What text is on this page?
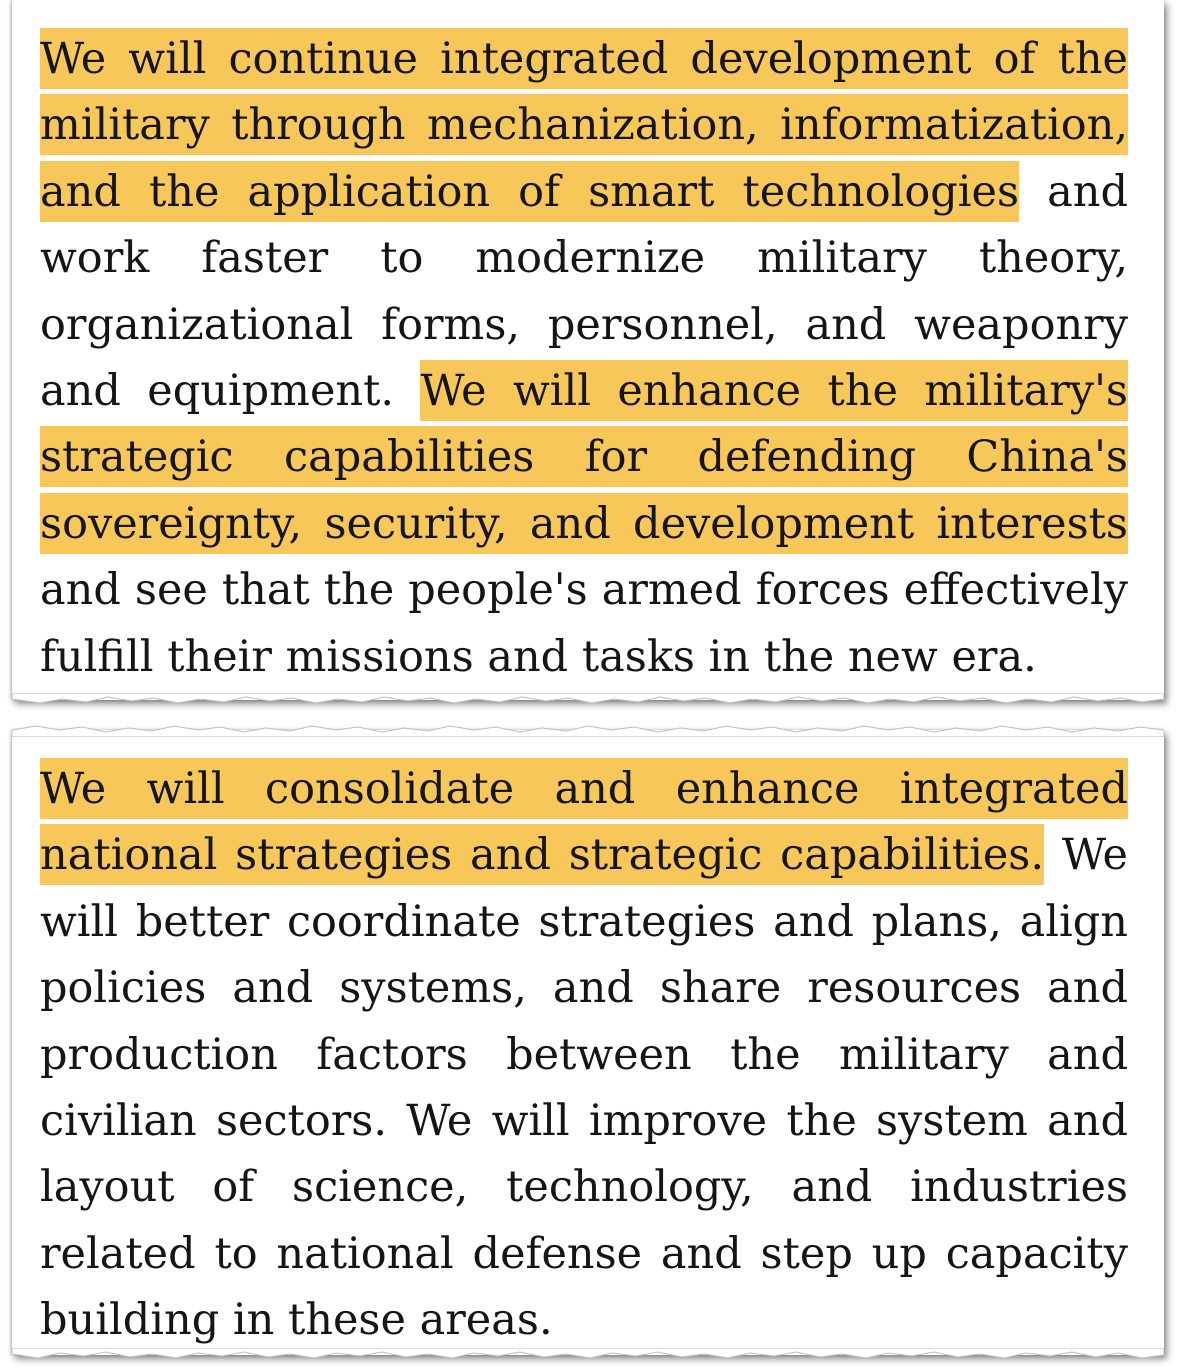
We will continue integrated development of the military through mechanization, informatization, and the application of smart technologies and work faster to modernize military theory, organizational forms, personnel, and weaponry and equipment. We will enhance the military's strategic capabilities for defending China's sovereignty, security, and development interests and see that the people's armed forces effectively fulfill their missions and tasks in the new era.

We will consolidate and enhance integrated national strategies and strategic capabilities. We will better coordinate strategies and plans, align policies and systems, and share resources and production factors between the military and civilian sectors. We will improve the system and layout of science, technology, and industries related to national defense and step up capacity building in these areas.
